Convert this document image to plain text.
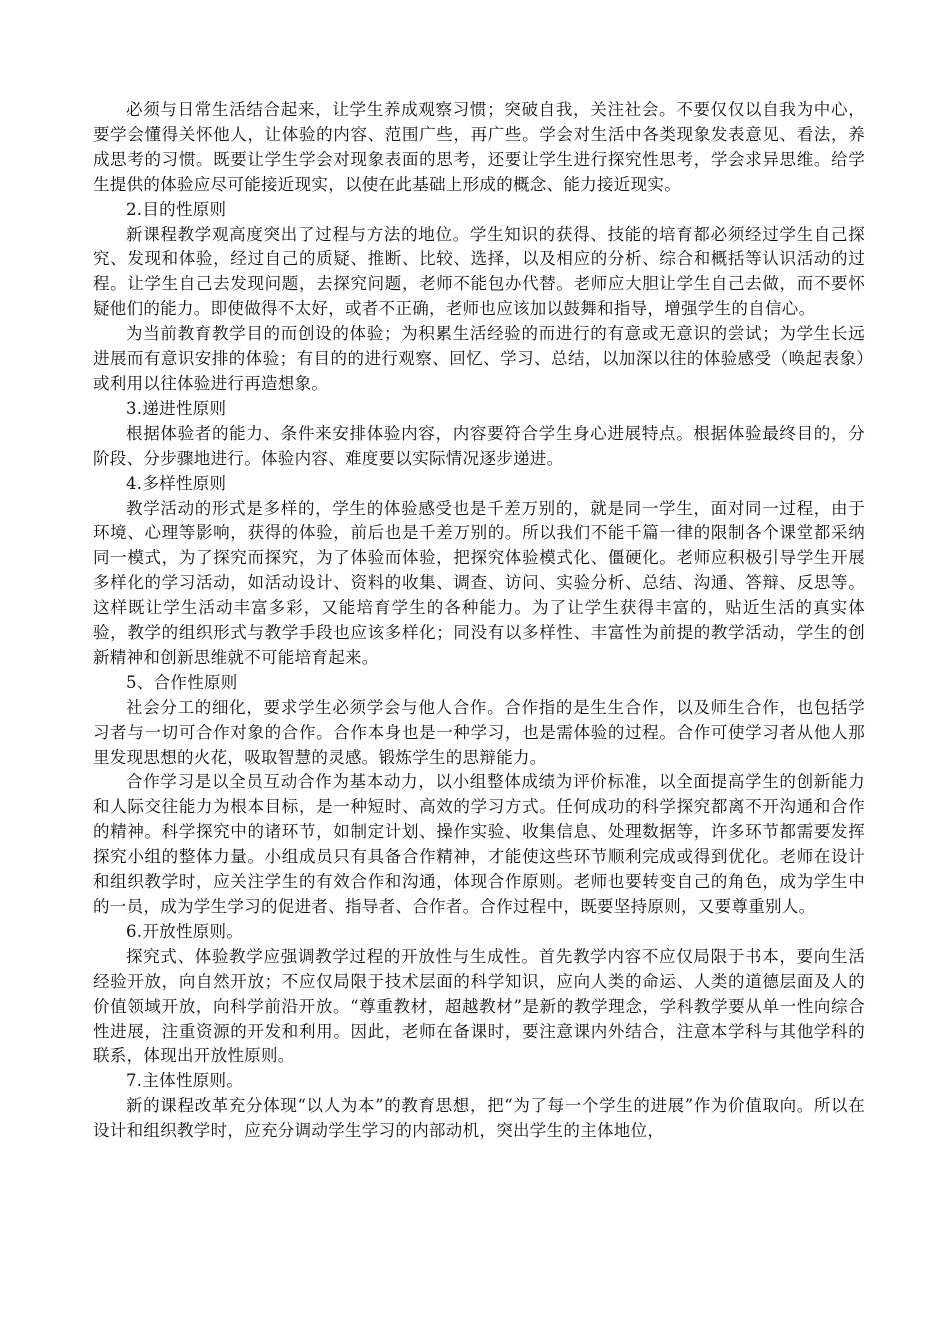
必须与日常生活结合起来，让学生养成观察习惯；突破自我，关注社会。不要仅仅以自我为中心，要学会懂得关怀他人，让体验的内容、范围广些，再广些。学会对生活中各类现象发表意见、看法，养成思考的习惯。既要让学生学会对现象表面的思考，还要让学生进行探究性思考，学会求异思维。给学生提供的体验应尽可能接近现实，以使在此基础上形成的概念、能力接近现实。

2.目的性原则

新课程教学观高度突出了过程与方法的地位。学生知识的获得、技能的培育都必须经过学生自己探究、发现和体验，经过自己的质疑、推断、比较、选择，以及相应的分析、综合和概括等认识活动的过程。让学生自己去发现问题，去探究问题，老师不能包办代替。老师应大胆让学生自己去做，而不要怀疑他们的能力。即使做得不太好，或者不正确，老师也应该加以鼓舞和指导，增强学生的自信心。

为当前教育教学目的而创设的体验；为积累生活经验的而进行的有意或无意识的尝试；为学生长远进展而有意识安排的体验；有目的的进行观察、回忆、学习、总结，以加深以往的体验感受（唤起表象）或利用以往体验进行再造想象。

3.递进性原则

根据体验者的能力、条件来安排体验内容，内容要符合学生身心进展特点。根据体验最终目的，分阶段、分步骤地进行。体验内容、难度要以实际情况逐步递进。

4.多样性原则

教学活动的形式是多样的，学生的体验感受也是千差万别的，就是同一学生，面对同一过程，由于环境、心理等影响，获得的体验，前后也是千差万别的。所以我们不能千篇一律的限制各个课堂都采纳同一模式，为了探究而探究，为了体验而体验，把探究体验模式化、僵硬化。老师应积极引导学生开展多样化的学习活动，如活动设计、资料的收集、调查、访问、实验分析、总结、沟通、答辩、反思等。这样既让学生活动丰富多彩，又能培育学生的各种能力。为了让学生获得丰富的，贴近生活的真实体验，教学的组织形式与教学手段也应该多样化；同没有以多样性、丰富性为前提的教学活动，学生的创新精神和创新思维就不可能培育起来。

5、合作性原则

社会分工的细化，要求学生必须学会与他人合作。合作指的是生生合作，以及师生合作，也包括学习者与一切可合作对象的合作。合作本身也是一种学习，也是需体验的过程。合作可使学习者从他人那里发现思想的火花，吸取智慧的灵感。锻炼学生的思辩能力。

合作学习是以全员互动合作为基本动力，以小组整体成绩为评价标准，以全面提高学生的创新能力和人际交往能力为根本目标，是一种短时、高效的学习方式。任何成功的科学探究都离不开沟通和合作的精神。科学探究中的诸环节，如制定计划、操作实验、收集信息、处理数据等，许多环节都需要发挥探究小组的整体力量。小组成员只有具备合作精神，才能使这些环节顺利完成或得到优化。老师在设计和组织教学时，应关注学生的有效合作和沟通，体现合作原则。老师也要转变自己的角色，成为学生中的一员，成为学生学习的促进者、指导者、合作者。合作过程中，既要坚持原则，又要尊重别人。

6.开放性原则。

探究式、体验教学应强调教学过程的开放性与生成性。首先教学内容不应仅局限于书本，要向生活经验开放，向自然开放；不应仅局限于技术层面的科学知识，应向人类的命运、人类的道德层面及人的价值领域开放，向科学前沿开放。“尊重教材，超越教材”是新的教学理念，学科教学要从单一性向综合性进展，注重资源的开发和利用。因此，老师在备课时，要注意课内外结合，注意本学科与其他学科的联系，体现出开放性原则。

7.主体性原则。

新的课程改革充分体现“以人为本”的教育思想，把“为了每一个学生的进展”作为价值取向。所以在设计和组织教学时，应充分调动学生学习的内部动机，突出学生的主体地位，
